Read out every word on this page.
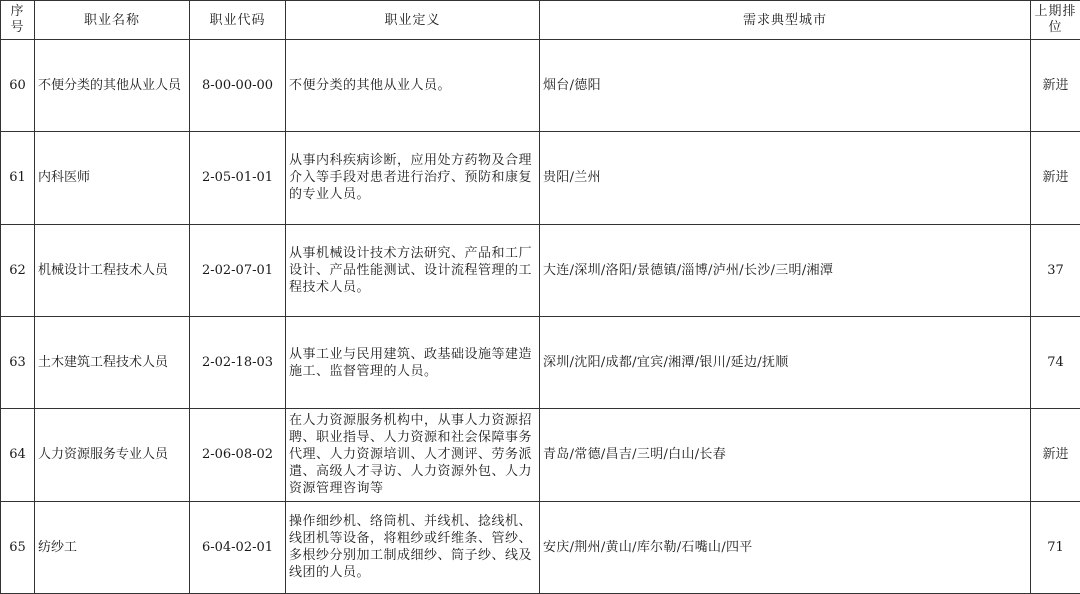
序号	职业名称	职业代码	职业定义	需求典型城市	上期排位

60	不便分类的其他从业人员	8-00-00-00	不便分类的其他从业人员。	烟台/德阳	新进
61	内科医师	2-05-01-01	从事内科疾病诊断，应用处方药物及合理介入等手段对患者进行治疗、预防和康复的专业人员。	贵阳/兰州	新进
62	机械设计工程技术人员	2-02-07-01	从事机械设计技术方法研究、产品和工厂设计、产品性能测试、设计流程管理的工程技术人员。	大连/深圳/洛阳/景德镇/淄博/泸州/长沙/三明/湘潭	37
63	土木建筑工程技术人员	2-02-18-03	从事工业与民用建筑、政基础设施等建造施工、监督管理的人员。	深圳/沈阳/成都/宜宾/湘潭/银川/延边/抚顺	74
64	人力资源服务专业人员	2-06-08-02	在人力资源服务机构中，从事人力资源招聘、职业指导、人力资源和社会保障事务代理、人力资源培训、人才测评、劳务派遣、高级人才寻访、人力资源外包、人力资源管理咨询等	青岛/常德/昌吉/三明/白山/长春	新进
65	纺纱工	6-04-02-01	操作细纱机、络筒机、并线机、捻线机、线团机等设备，将粗纱或纤维条、管纱、多根纱分别加工制成细纱、筒子纱、线及线团的人员。	安庆/荆州/黄山/库尔勒/石嘴山/四平	71
